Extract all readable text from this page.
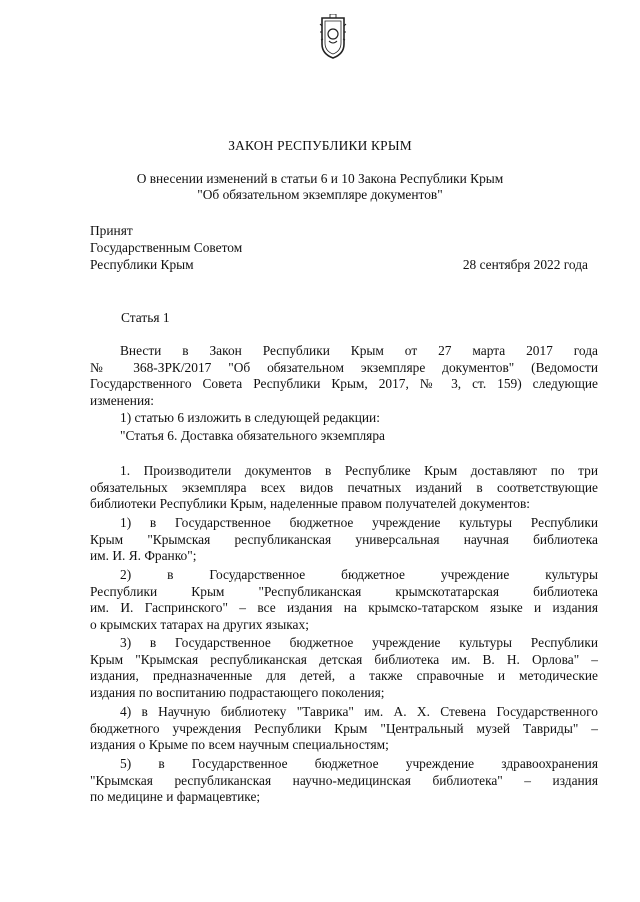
ЗАКОН РЕСПУБЛИКИ КРЫМ
О внесении изменений в статьи 6 и 10 Закона Республики Крым
"Об обязательном экземпляре документов"
Принят
Государственным Советом
Республики Крым	28 сентября 2022 года
Статья 1
Внести в Закон Республики Крым от 27 марта 2017 года
№ 368-ЗРК/2017 "Об обязательном экземпляре документов" (Ведомости
Государственного Совета Республики Крым, 2017, № 3, ст. 159) следующие
изменения:
1) статью 6 изложить в следующей редакции:
"Статья 6. Доставка обязательного экземпляра
1. Производители документов в Республике Крым доставляют по три
обязательных экземпляра всех видов печатных изданий в соответствующие
библиотеки Республики Крым, наделенные правом получателей документов:
1) в Государственное бюджетное учреждение культуры Республики
Крым "Крымская республиканская универсальная научная библиотека
им. И. Я. Франко";
2) в Государственное бюджетное учреждение культуры
Республики Крым "Республиканская крымскотатарская библиотека
им. И. Гаспринского" – все издания на крымско-татарском языке и издания
о крымских татарах на других языках;
3) в Государственное бюджетное учреждение культуры Республики
Крым "Крымская республиканская детская библиотека им. В. Н. Орлова" –
издания, предназначенные для детей, а также справочные и методические
издания по воспитанию подрастающего поколения;
4) в Научную библиотеку "Таврика" им. А. Х. Стевена Государственного
бюджетного учреждения Республики Крым "Центральный музей Тавриды" –
издания о Крыме по всем научным специальностям;
5) в Государственное бюджетное учреждение здравоохранения
"Крымская республиканская научно-медицинская библиотека" – издания
по медицине и фармацевтике;
